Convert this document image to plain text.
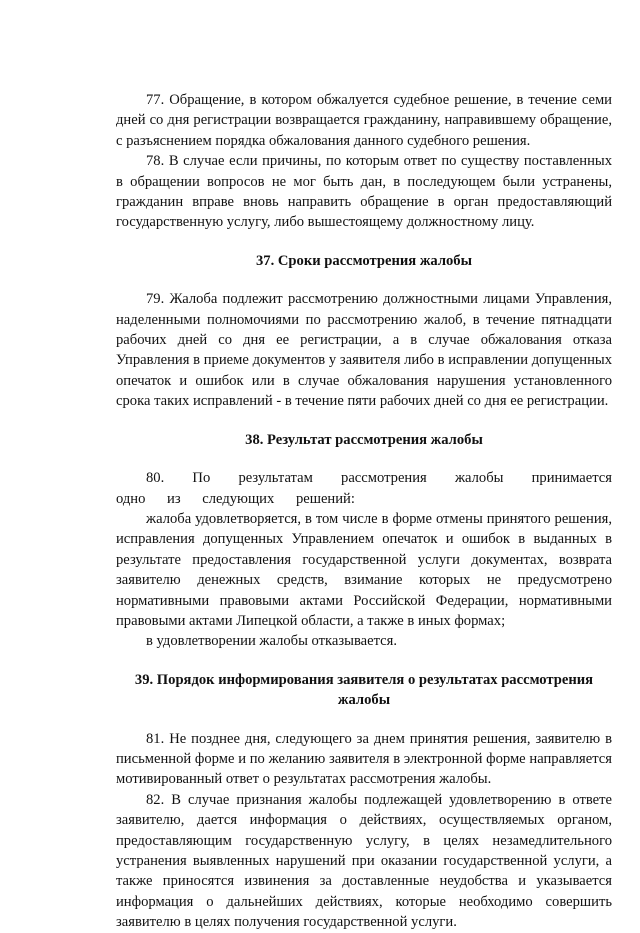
77. Обращение, в котором обжалуется судебное решение, в течение семи дней со дня регистрации возвращается гражданину, направившему обращение, с разъяснением порядка обжалования данного судебного решения.

78. В случае если причины, по которым ответ по существу поставленных в обращении вопросов не мог быть дан, в последующем были устранены, гражданин вправе вновь направить обращение в орган предоставляющий государственную услугу, либо вышестоящему должностному лицу.

37. Сроки рассмотрения жалобы

79. Жалоба подлежит рассмотрению должностными лицами Управления, наделенными полномочиями по рассмотрению жалоб, в течение пятнадцати рабочих дней со дня ее регистрации, а в случае обжалования отказа Управления в приеме документов у заявителя либо в исправлении допущенных опечаток и ошибок или в случае обжалования нарушения установленного срока таких исправлений - в течение пяти рабочих дней со дня ее регистрации.

38. Результат рассмотрения жалобы

80. По результатам рассмотрения жалобы принимается одно из следующих решений:

жалоба удовлетворяется, в том числе в форме отмены принятого решения, исправления допущенных Управлением опечаток и ошибок в выданных в результате предоставления государственной услуги документах, возврата заявителю денежных средств, взимание которых не предусмотрено нормативными правовыми актами Российской Федерации, нормативными правовыми актами Липецкой области, а также в иных формах;

в удовлетворении жалобы отказывается.

39. Порядок информирования заявителя о результатах рассмотрения жалобы

81. Не позднее дня, следующего за днем принятия решения, заявителю в письменной форме и по желанию заявителя в электронной форме направляется мотивированный ответ о результатах рассмотрения жалобы.

82. В случае признания жалобы подлежащей удовлетворению в ответе заявителю, дается информация о действиях, осуществляемых органом, предоставляющим государственную услугу, в целях незамедлительного устранения выявленных нарушений при оказании государственной услуги, а также приносятся извинения за доставленные неудобства и указывается информация о дальнейших действиях, которые необходимо совершить заявителю в целях получения государственной услуги.
